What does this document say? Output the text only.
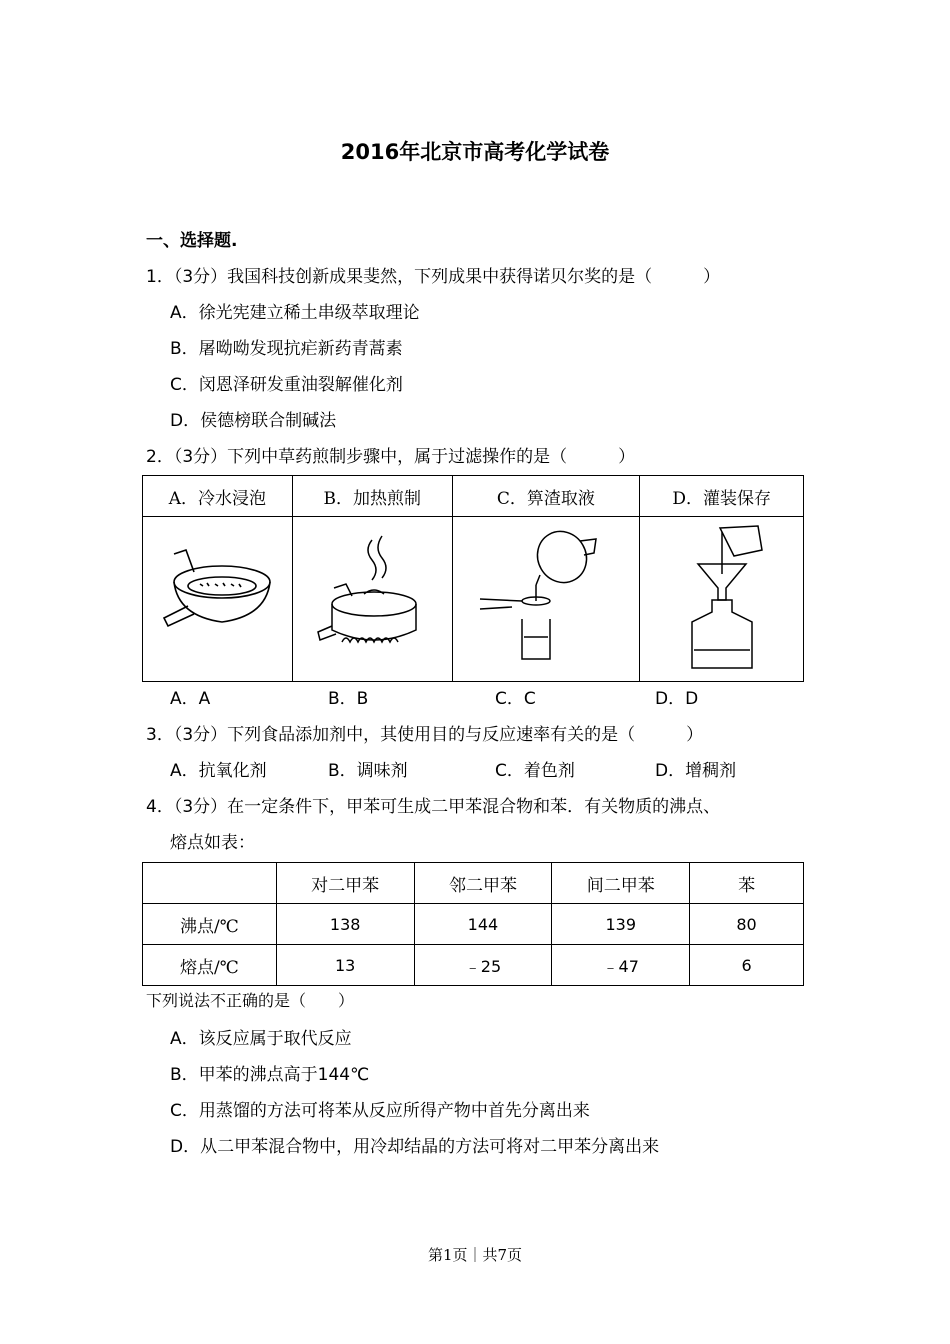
2016年北京市高考化学试卷
一、选择题.
1．（3分）我国科技创新成果斐然，下列成果中获得诺贝尔奖的是（　　　）
A．徐光宪建立稀土串级萃取理论
B．屠呦呦发现抗疟新药青蒿素
C．闵恩泽研发重油裂解催化剂
D．侯德榜联合制碱法
2．（3分）下列中草药煎制步骤中，属于过滤操作的是（　　　）
A．冷水浸泡	B．加热煎制	C．箅渣取液	D．灌装保存

A．A	B．B	C．C	D．D
3．（3分）下列食品添加剂中，其使用目的与反应速率有关的是（　　　）
A．抗氧化剂	B．调味剂	C．着色剂	D．增稠剂
4．（3分）在一定条件下，甲苯可生成二甲苯混合物和苯．有关物质的沸点、
熔点如表：
	对二甲苯	邻二甲苯	间二甲苯	苯
沸点/℃	138	144	139	80
熔点/℃	13	﹣25	﹣47	6
下列说法不正确的是（　　）
A．该反应属于取代反应
B．甲苯的沸点高于144℃
C．用蒸馏的方法可将苯从反应所得产物中首先分离出来
D．从二甲苯混合物中，用冷却结晶的方法可将对二甲苯分离出来
第1页｜共7页
